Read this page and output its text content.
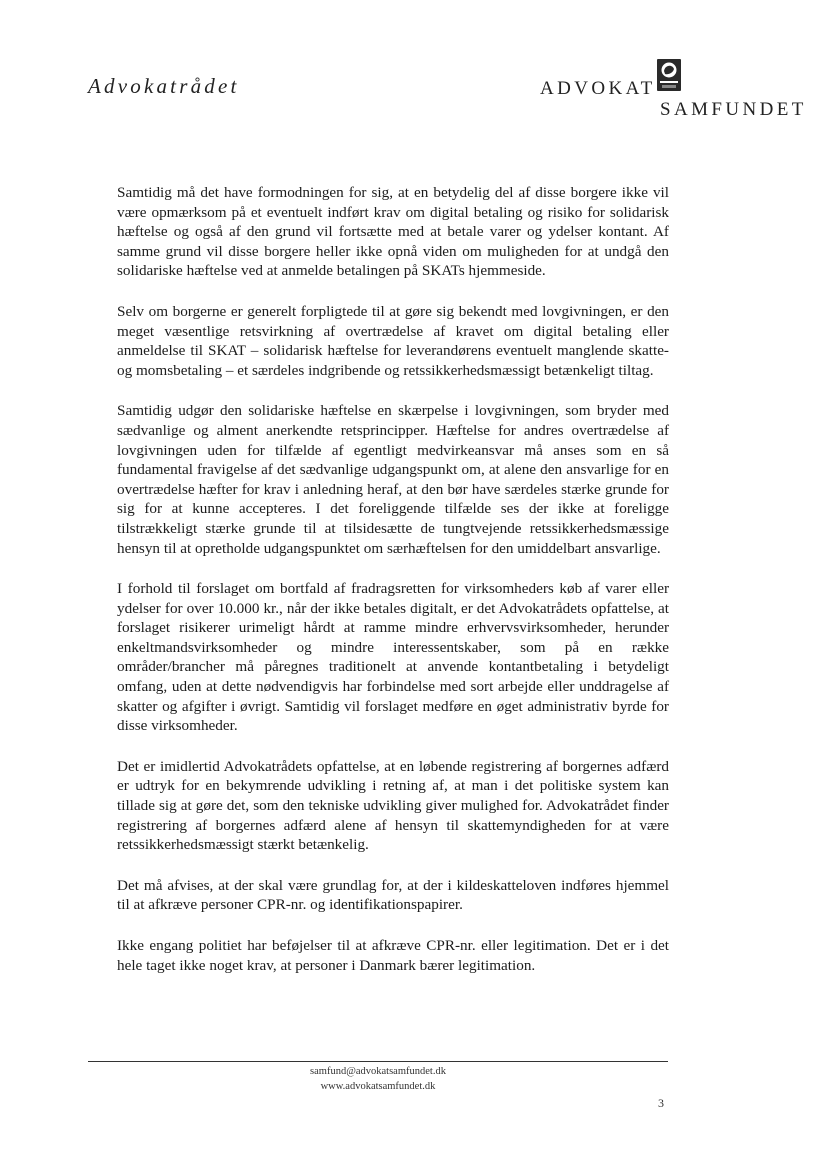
Advokatrådet	ADVOKAT
SAMFUNDET

Samtidig må det have formodningen for sig, at en betydelig del af disse borgere ikke vil være opmærksom på et eventuelt indført krav om digital betaling og risiko for solidarisk hæftelse og også af den grund vil fortsætte med at betale varer og ydelser kontant. Af samme grund vil disse borgere heller ikke opnå viden om muligheden for at undgå den solidariske hæftelse ved at anmelde betalingen på SKATs hjemmeside.

Selv om borgerne er generelt forpligtede til at gøre sig bekendt med lovgivningen, er den meget væsentlige retsvirkning af overtrædelse af kravet om digital betaling eller anmeldelse til SKAT – solidarisk hæftelse for leverandørens eventuelt manglende skatte- og momsbetaling – et særdeles indgribende og retssikkerhedsmæssigt betænkeligt tiltag.

Samtidig udgør den solidariske hæftelse en skærpelse i lovgivningen, som bryder med sædvanlige og alment anerkendte retsprincipper. Hæftelse for andres overtrædelse af lovgivningen uden for tilfælde af egentligt medvirkeansvar må anses som en så fundamental fravigelse af det sædvanlige udgangspunkt om, at alene den ansvarlige for en overtrædelse hæfter for krav i anledning heraf, at den bør have særdeles stærke grunde for sig for at kunne accepteres. I det foreliggende tilfælde ses der ikke at foreligge tilstrækkeligt stærke grunde til at tilsidesætte de tungtvejende retssikkerhedsmæssige hensyn til at opretholde udgangspunktet om særhæftelsen for den umiddelbart ansvarlige.

I forhold til forslaget om bortfald af fradragsretten for virksomheders køb af varer eller ydelser for over 10.000 kr., når der ikke betales digitalt, er det Advokatrådets opfattelse, at forslaget risikerer urimeligt hårdt at ramme mindre erhvervsvirksomheder, herunder enkeltmandsvirksomheder og mindre interessentskaber, som på en række områder/brancher må påregnes traditionelt at anvende kontantbetaling i betydeligt omfang, uden at dette nødvendigvis har forbindelse med sort arbejde eller unddragelse af skatter og afgifter i øvrigt. Samtidig vil forslaget medføre en øget administrativ byrde for disse virksomheder.

Det er imidlertid Advokatrådets opfattelse, at en løbende registrering af borgernes adfærd er udtryk for en bekymrende udvikling i retning af, at man i det politiske system kan tillade sig at gøre det, som den tekniske udvikling giver mulighed for. Advokatrådet finder registrering af borgernes adfærd alene af hensyn til skattemyndigheden for at være retssikkerhedsmæssigt stærkt betænkelig.

Det må afvises, at der skal være grundlag for, at der i kildeskatteloven indføres hjemmel til at afkræve personer CPR-nr. og identifikationspapirer.

Ikke engang politiet har beføjelser til at afkræve CPR-nr. eller legitimation. Det er i det hele taget ikke noget krav, at personer i Danmark bærer legitimation.

samfund@advokatsamfundet.dk
www.advokatsamfundet.dk
3
